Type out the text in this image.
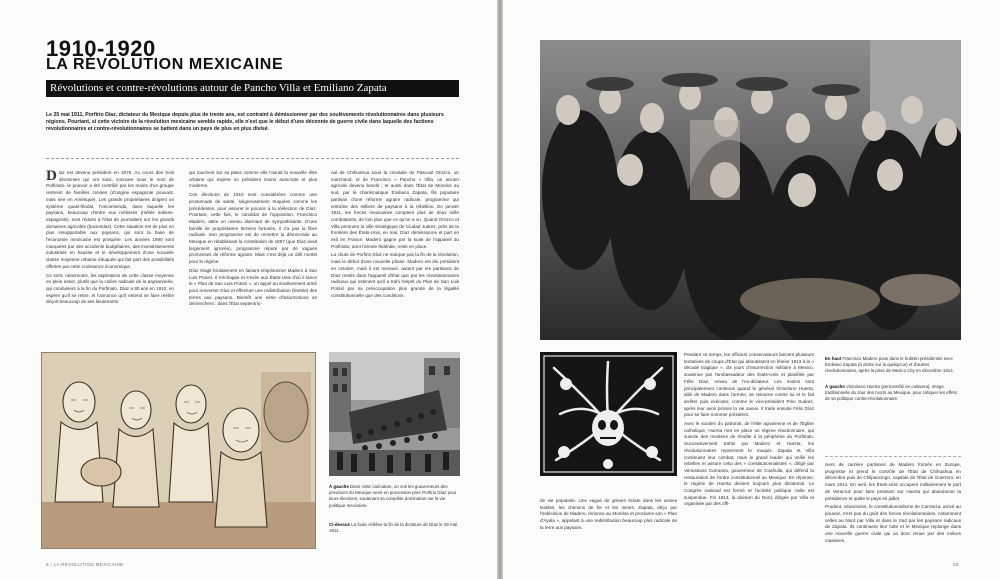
1910-1920
LA RÉVOLUTION MEXICAINE
Révolutions et contre-révolutions autour de Pancho Villa et Emiliano Zapata
Le 25 mai 1911, Porfirio Díaz, dictateur du Mexique depuis plus de trente ans, est contraint à démissionner par des soulèvements révolutionnaires dans plusieurs régions. Pourtant, si cette victoire de la révolution mexicaine semble rapide, elle n'est que le début d'une décennie de guerre civile dans laquelle des factions révolutionnaires et contre-révolutionnaires se battent dans un pays de plus en plus divisé.

Diaz est devenu président en 1876. Au cours des trois décennies qui ont suivi, connues sous le nom de Porfiriato, le pouvoir a été contrôlé par les mains d'un groupe restreint de familles créoles (d'origine espagnole pouvant, mais née en Amérique). Les grands propriétaires dirigent un système quasi-féodal, l'encomienda, dans laquelle les paysans, beaucoup d'entre eux métissés (mêlés indiens-espagnols), sont réduits à l'état de journaliers sur les grands domaines agricoles (haciendas). Cette situation est de plus en plus insupportable aux paysans, qui sont la base de l'économie mexicaine est prospère. Les années 1890 sont marquées par des accidents budgétaires, des investissements industriels en hausse et le développement d'une nouvelle classe moyenne urbaine éduquée qui fait part des possibilités offertes par cette croissance économique.

Ce sont, néanmoins, les aspirations de cette classe moyenne en plein essor, plutôt que la colère radicale de la paysannerie, qui conduisent à la fin du Porfiriato. Díaz a 80 ans en 1910, en espère qu'il se retire, et l'annonce qu'il entend se faire réélire déçoit beaucoup de ses lieutenants

qui touchent sur sa place comme elle l'aurait la nouvelle élite urbaine qui espère un président moins autocrate et plus moderne.

Ces élections de 1910 sont considérées comme une promenade de santé, soigneusement truquées comme les précédentes, pour assurer le pouvoir à la réélection de Díaz. Pourtant, cette fois, le candidat de l'opposition, Francisco Madero, attire un niveau alarmant de sympathisants. D'une famille de propriétaires terriens fortunés, il n'a pas la fibre radicale. Son programme est de remettre la démocratie au Mexique en rétablissant la constitution de 1857 (que Díaz avait largement ignorée), programme réputé par de vagues promesses de réforme agraire. Mais c'est déjà un défi mortel pour le régime.

Díaz réagit brutalement en faisant emprisonner Madero à San Luis Potosí. Il s'échappe et s'exile aux États-Unis d'où il lance le « Plan de San Luis Potosí », un appel au soulèvement armé pour renverser Díaz et effectuer une redistribution (limitée) des terres aux paysans. Bientôt une série d'insurrections se déclenchent : dans l'État septentrio-

nal de Chihuahua sous la conduite de Pascual Orozco, un marchand, et de Francisco « Pancho » Villa, un ancien agricole devenu bandit ; et aussi dans l'État de Morelos au sud, par le charismatique Emiliano Zapata, fils populaire partisan d'une réforme agraire radicale, programme qui entraîne des milliers de paysans à la rébellion. En janvier 1911, les forces mexicaines comptent plus de deux mille combattants, de loin plus que ce qu'on a vu. Quand Orozco et Villa prennent la ville stratégique de Ciudad Juárez, près de la frontière des États-Unis, en mai, Díaz démissionne et part en exil en France. Madero gagne par la suite de l'appareil du Porfiriato, dont l'armée fédérale, reste en place.

La chute de Porfirio Díaz ne marque pas la fin de la révolution, mais le début d'une nouvelle phase. Madero est élu président en octobre, mais il est menacé, autant par les partisans de Díaz restés dans l'appareil d'État que par les révolutionnaires radicaux qui estiment qu'il a trahi l'esprit du Plan de San Luis Potosí par sa préoccupation plus grande de la légalité constitutionnelle que des conditions

À gauche Dans cette caricature, on voit les gouverneurs des provinces du Mexique venir en procession prier Porfirio Díaz pour leurs élections, soutenant sa complète domination sur la vie politique mexicaine.
Ci-dessus La foule célèbre la fin de la dictature de Díaz le 25 mai 1911.
8 / LA RÉVOLUTION MEXICAINE

Pendant ce temps, les officiers conservateurs lancent plusieurs tentatives de coups d'État qui aboutissent en février 1913 à la « décade tragique », dix jours d'insurrection militaire à Mexico, soutenue par l'ambassadeur des États-Unis et planifiée par Félix Díaz, neveu de l'ex-dictateur. Les mutins sont principalement contenus quand le général Victoriano Huerta, allié de Madero dans l'armée, se retourne contre lui et le fait arrêter puis exécuter, comme le vice-président Pino Suárez, après leur avoir promis la vie sauve. Il traite ensuite Félix Díaz pour se faire nommer président.

Avec le soutien du patronat, de l'élite agrarienne et de l'Église catholique, Huerta met en place un régime réactionnaire, qui suscite des montées de révolte à la périphérie du Porfiriato. Successivement trahis par Madero et Huerta, les révolutionnaires reprennent le maquis. Zapata et Villa continuent leur combat, mais le grand leader qui unifie les rebelles et assure celui des « constitutionnalistes », dirigé par Venustiano Carranza, gouverneur de Coahuila, qui défend la restauration de l'ordre constitutionnel au Mexique. En réponse, le régime de Huerta devient toujours plus dictatorial. Le Congrès national est fermé et l'activité politique civile est suspendue. Fin 1913, la division du Nord, dirigée par Villa et organisée par des offi-

En haut Francisco Madero pose dans le bulletin présidentiel avec Emiliano Zapata (à droite sur la quelqu'un) et d'autres révolutionnaires, après la prise de Mexico City en décembre 1914.
À gauche Victoriano Huerta (personnifié en calavera), image traditionnelle du Jour des morts au Mexique, pour critiquer les effets de sa politique contre-révolutionnaire.

ciers de carrière partisans de Madero formés en Europe, progresse et prend le contrôle de l'État de Chihuahua en décembre puis de Chilpancingo, capitale de l'État de Guerrero, en mars 1914. En avril, les États-Unis occupent militairement le port de Veracruz pour faire pression sur Huerta qui abandonne la présidence et quitte le pays en juillet.

Prudent, néanmoins, le constitutionnalisme de Carranza, arrivé au pouvoir, n'est pas du goût des forces révolutionnaires, notamment celles au Nord par Villa et dans le Sud par les paysans radicaux de Zapata. Ils continuent leur lutte et le Mexique replonge dans une nouvelle guerre civile qui va donc tenue par des milices massives.

de vie populaire. Une vague de grèves éclate dans les usines textiles, les chemins de fer et les mines. Zapata, déçu par l'indécision de Madero, renonce au Morelos et proclame son « Plan d'Ayala », appelant à une redistribution beaucoup plus radicale de la terre aux paysans.

29
